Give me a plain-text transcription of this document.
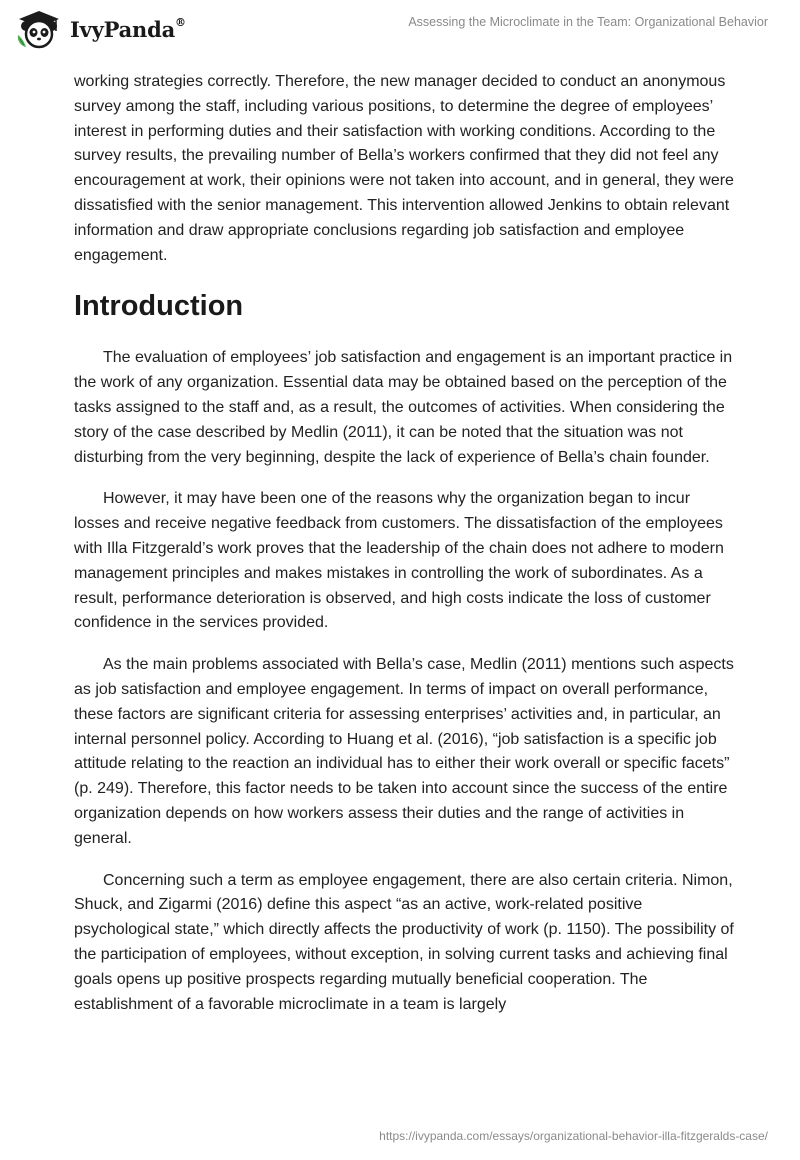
IvyPanda®	Assessing the Microclimate in the Team: Organizational Behavior

working strategies correctly. Therefore, the new manager decided to conduct an anonymous survey among the staff, including various positions, to determine the degree of employees’ interest in performing duties and their satisfaction with working conditions. According to the survey results, the prevailing number of Bella’s workers confirmed that they did not feel any encouragement at work, their opinions were not taken into account, and in general, they were dissatisfied with the senior management. This intervention allowed Jenkins to obtain relevant information and draw appropriate conclusions regarding job satisfaction and employee engagement.

Introduction

The evaluation of employees’ job satisfaction and engagement is an important practice in the work of any organization. Essential data may be obtained based on the perception of the tasks assigned to the staff and, as a result, the outcomes of activities. When considering the story of the case described by Medlin (2011), it can be noted that the situation was not disturbing from the very beginning, despite the lack of experience of Bella’s chain founder.

However, it may have been one of the reasons why the organization began to incur losses and receive negative feedback from customers. The dissatisfaction of the employees with Illa Fitzgerald’s work proves that the leadership of the chain does not adhere to modern management principles and makes mistakes in controlling the work of subordinates. As a result, performance deterioration is observed, and high costs indicate the loss of customer confidence in the services provided.

As the main problems associated with Bella’s case, Medlin (2011) mentions such aspects as job satisfaction and employee engagement. In terms of impact on overall performance, these factors are significant criteria for assessing enterprises’ activities and, in particular, an internal personnel policy. According to Huang et al. (2016), “job satisfaction is a specific job attitude relating to the reaction an individual has to either their work overall or specific facets” (p. 249). Therefore, this factor needs to be taken into account since the success of the entire organization depends on how workers assess their duties and the range of activities in general.

Concerning such a term as employee engagement, there are also certain criteria. Nimon, Shuck, and Zigarmi (2016) define this aspect “as an active, work-related positive psychological state,” which directly affects the productivity of work (p. 1150). The possibility of the participation of employees, without exception, in solving current tasks and achieving final goals opens up positive prospects regarding mutually beneficial cooperation. The establishment of a favorable microclimate in a team is largely

https://ivypanda.com/essays/organizational-behavior-illa-fitzgeralds-case/
